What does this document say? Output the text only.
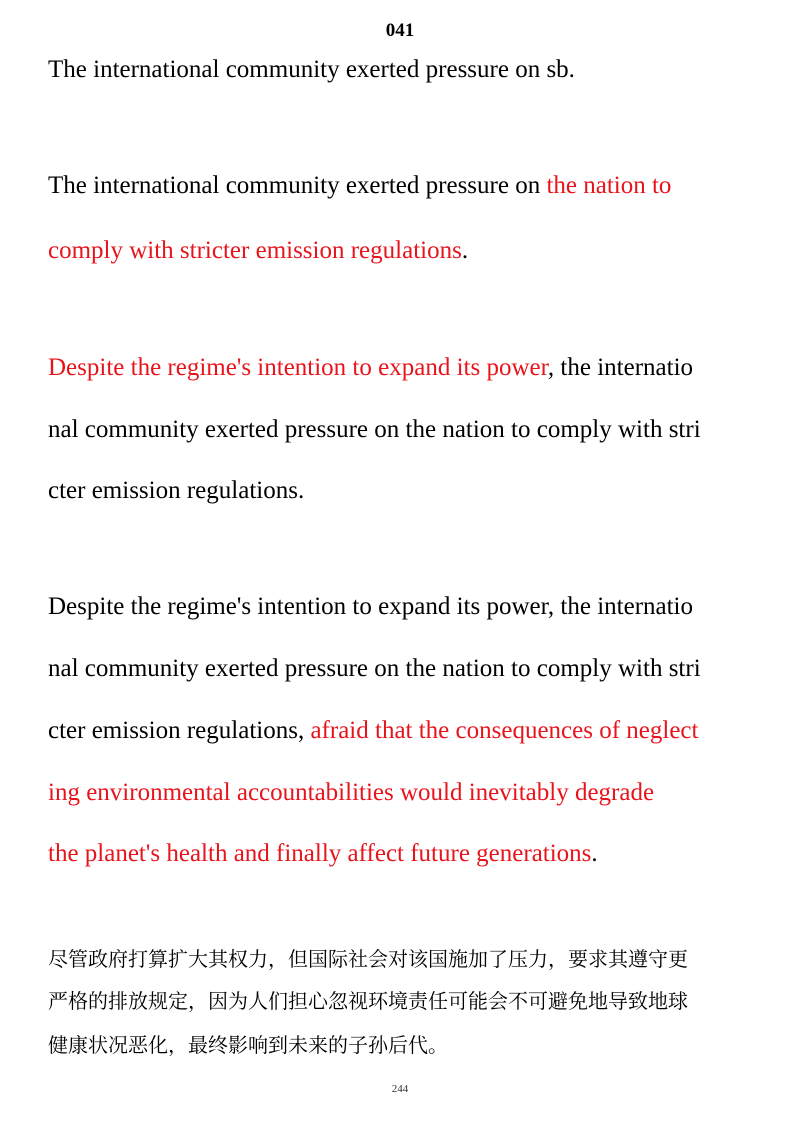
041
The international community exerted pressure on sb.
The international community exerted pressure on the nation to
comply with stricter emission regulations.
Despite the regime's intention to expand its power, the internatio
nal community exerted pressure on the nation to comply with stri
cter emission regulations.
Despite the regime's intention to expand its power, the internatio
nal community exerted pressure on the nation to comply with stri
cter emission regulations, afraid that the consequences of neglect
ing environmental accountabilities would inevitably degrade
the planet's health and finally affect future generations.
尽管政府打算扩大其权力，但国际社会对该国施加了压力，要求其遵守更
严格的排放规定，因为人们担心忽视环境责任可能会不可避免地导致地球
健康状况恶化，最终影响到未来的子孙后代。
244
